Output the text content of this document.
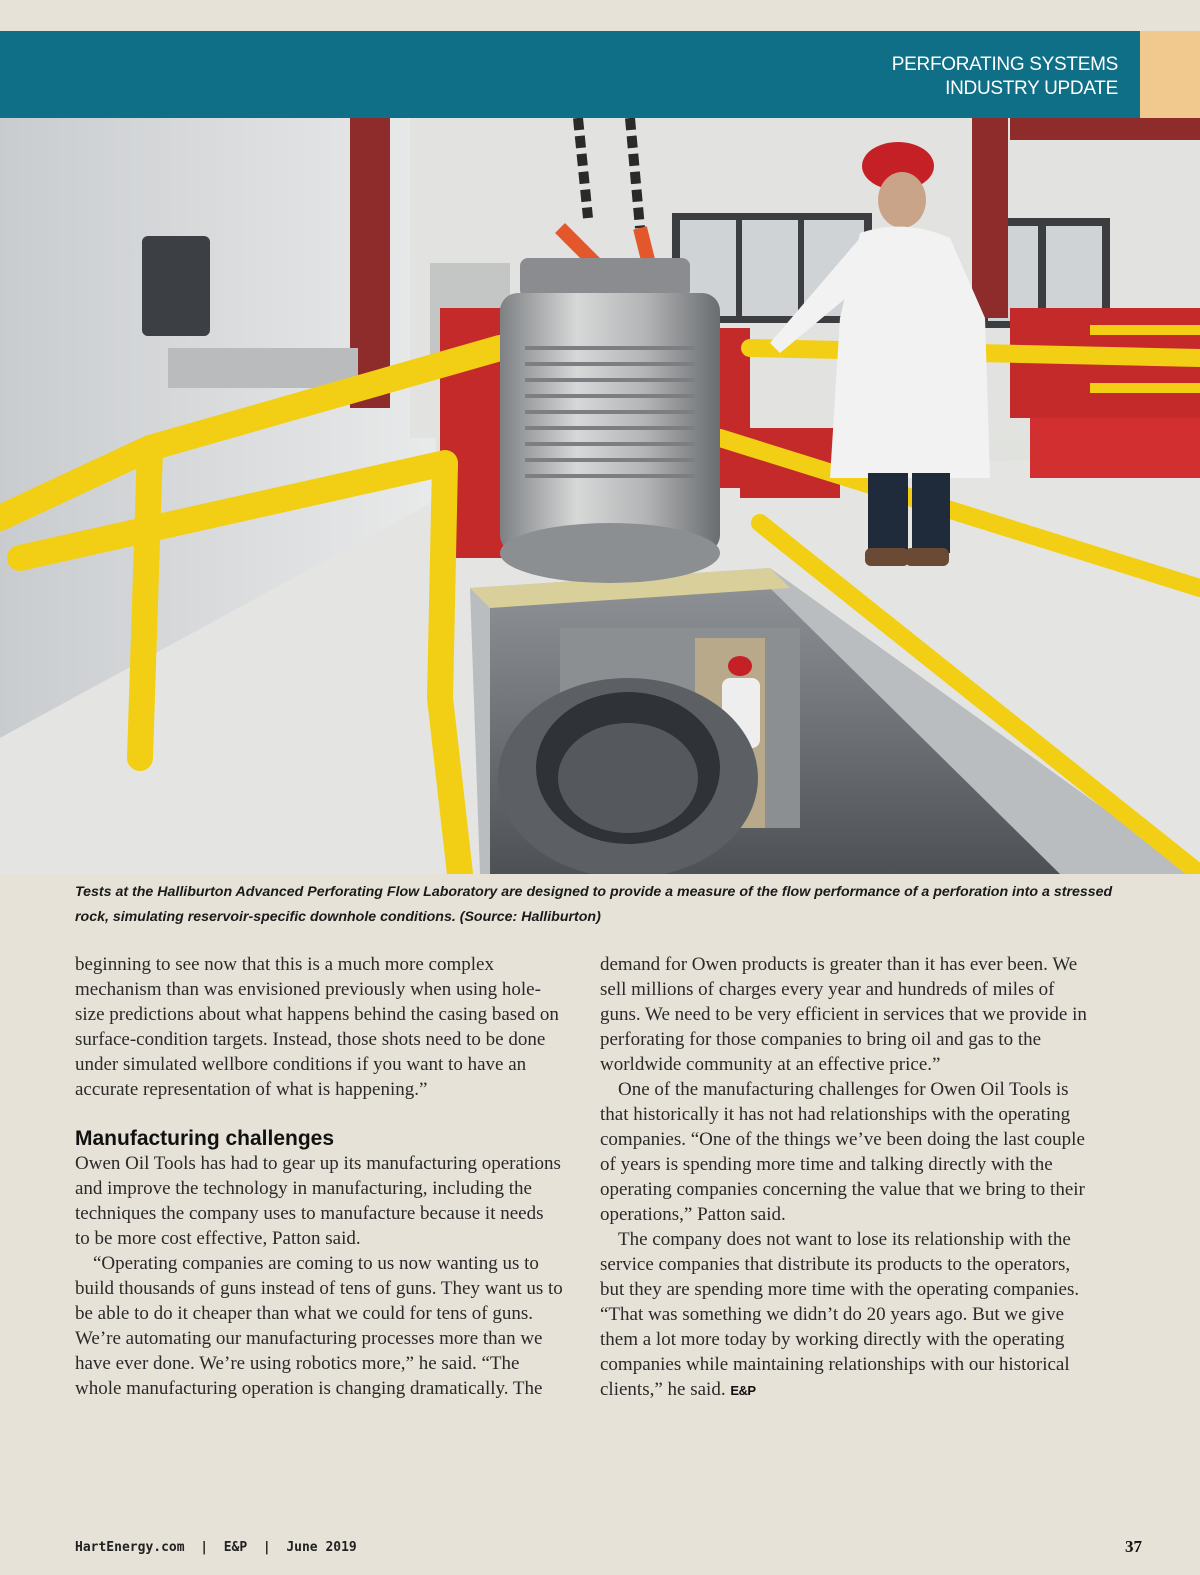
PERFORATING SYSTEMS
INDUSTRY UPDATE
Tests at the Halliburton Advanced Perforating Flow Laboratory are designed to provide a measure of the flow performance of a perforation into a stressed rock, simulating reservoir-specific downhole conditions. (Source: Halliburton)

beginning to see now that this is a much more complex mechanism than was envisioned previously when using hole-size predictions about what happens behind the casing based on surface-condition targets. Instead, those shots need to be done under simulated wellbore conditions if you want to have an accurate representation of what is happening.”

Manufacturing challenges

Owen Oil Tools has had to gear up its manufacturing operations and improve the technology in manufacturing, including the techniques the company uses to manufacture because it needs to be more cost effective, Patton said.

“Operating companies are coming to us now wanting us to build thousands of guns instead of tens of guns. They want us to be able to do it cheaper than what we could for tens of guns. We’re automating our manufacturing processes more than we have ever done. We’re using robotics more,” he said. “The whole manufacturing operation is changing dramatically. The

demand for Owen products is greater than it has ever been. We sell millions of charges every year and hundreds of miles of guns. We need to be very efficient in services that we provide in perforating for those companies to bring oil and gas to the worldwide community at an effective price.”

One of the manufacturing challenges for Owen Oil Tools is that historically it has not had relationships with the operating companies. “One of the things we’ve been doing the last couple of years is spending more time and talking directly with the operating companies concerning the value that we bring to their operations,” Patton said.

The company does not want to lose its relationship with the service companies that distribute its products to the operators, but they are spending more time with the operating companies. “That was something we didn’t do 20 years ago. But we give them a lot more today by working directly with the operating companies while maintaining relationships with our historical clients,” he said. E&P

HartEnergy.com  |  E&P  |  June 2019	37
